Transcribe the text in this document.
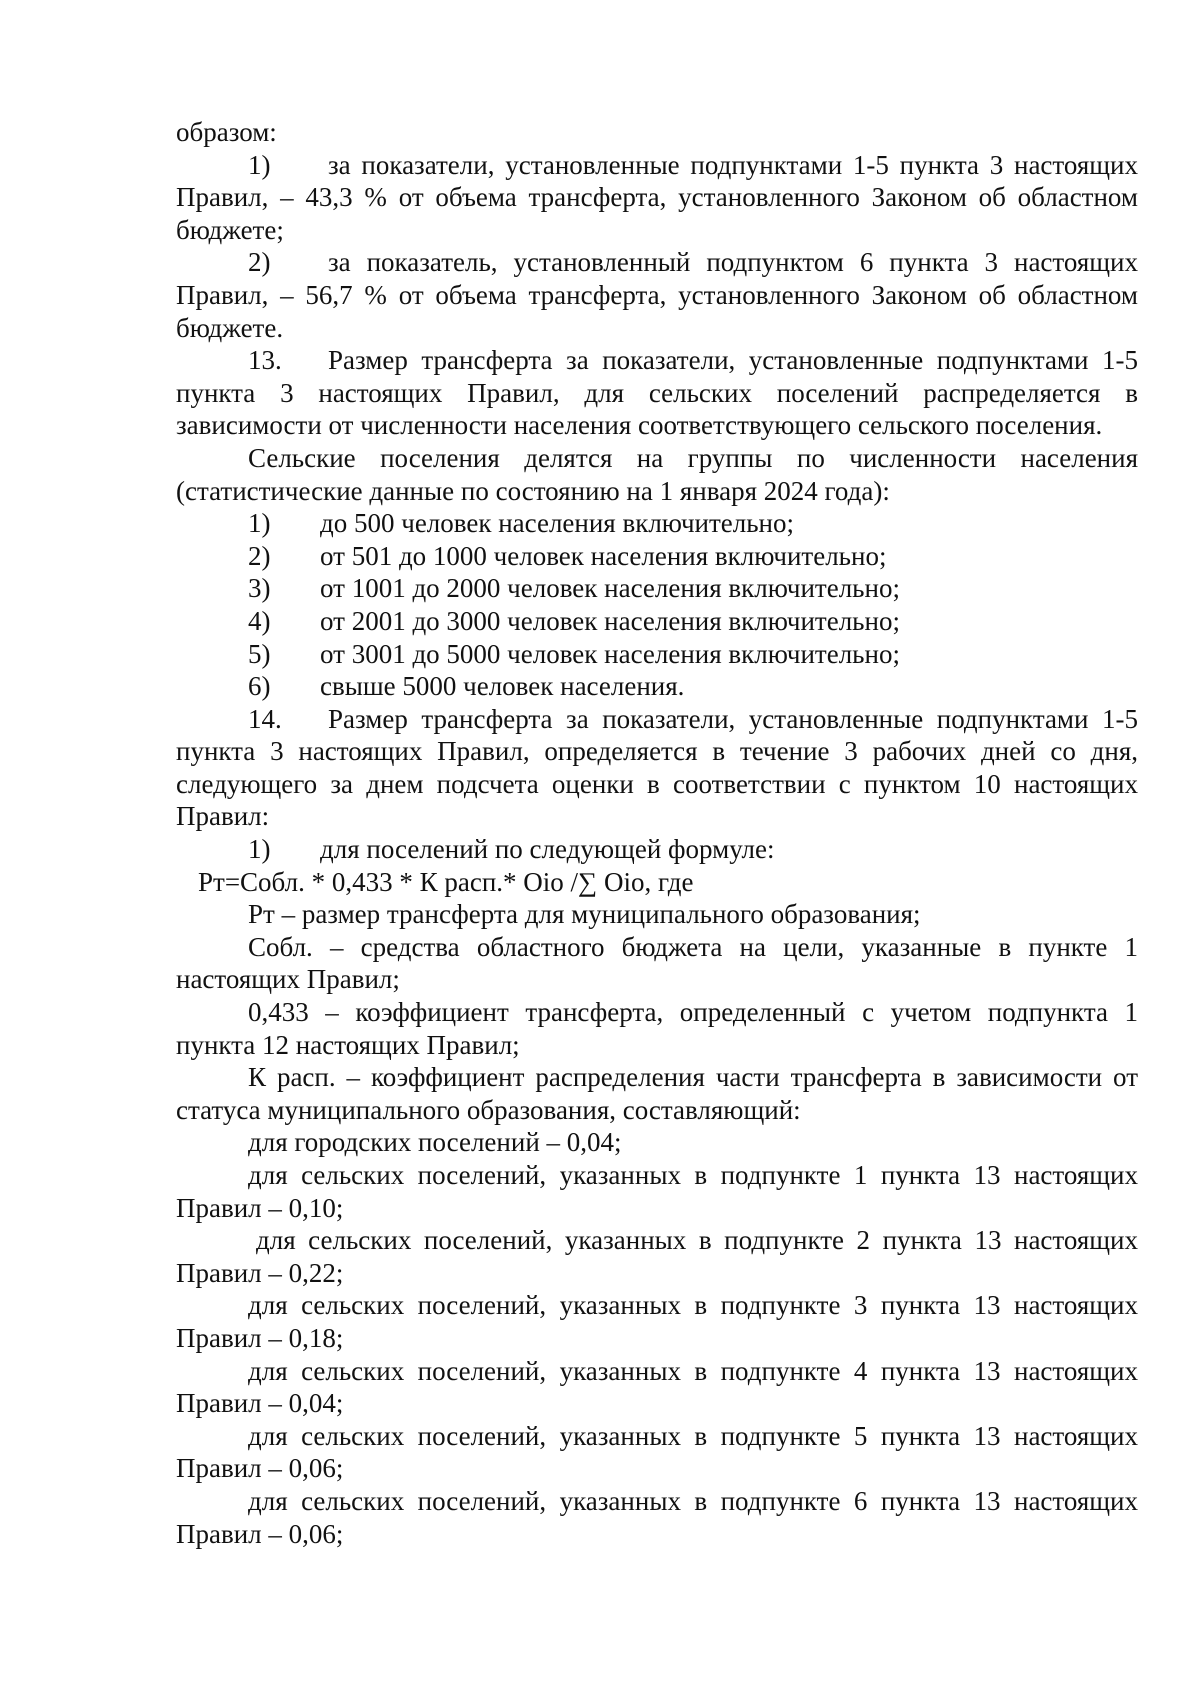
образом:

1) за показатели, установленные подпунктами 1-5 пункта 3 настоящих Правил, – 43,3 % от объема трансферта, установленного Законом об областном бюджете;

2) за показатель, установленный подпунктом 6 пункта 3 настоящих Правил, – 56,7 % от объема трансферта, установленного Законом об областном бюджете.

13. Размер трансферта за показатели, установленные подпунктами 1-5 пункта 3 настоящих Правил, для сельских поселений распределяется в зависимости от численности населения соответствующего сельского поселения.

Сельские поселения делятся на группы по численности населения (статистические данные по состоянию на 1 января 2024 года):

1)	до 500 человек населения включительно;
2)	от 501 до 1000 человек населения включительно;
3)	от 1001 до 2000 человек населения включительно;
4)	от 2001 до 3000 человек населения включительно;
5)	от 3001 до 5000 человек населения включительно;
6)	свыше 5000 человек населения.

14. Размер трансферта за показатели, установленные подпунктами 1-5 пункта 3 настоящих Правил, определяется в течение 3 рабочих дней со дня, следующего за днем подсчета оценки в соответствии с пунктом 10 настоящих Правил:

1)	для поселений по следующей формуле:

Рт=Собл. * 0,433 * К расп.* Оiо /∑ Оiо, где

Рт – размер трансферта для муниципального образования;

Собл. – средства областного бюджета на цели, указанные в пункте 1 настоящих Правил;

0,433 – коэффициент трансферта, определенный с учетом подпункта 1 пункта 12 настоящих Правил;

К расп. – коэффициент распределения части трансферта в зависимости от статуса муниципального образования, составляющий:

для городских поселений – 0,04;

для сельских поселений, указанных в подпункте 1 пункта 13 настоящих Правил – 0,10;

для сельских поселений, указанных в подпункте 2 пункта 13 настоящих Правил – 0,22;

для сельских поселений, указанных в подпункте 3 пункта 13 настоящих Правил – 0,18;

для сельских поселений, указанных в подпункте 4 пункта 13 настоящих Правил – 0,04;

для сельских поселений, указанных в подпункте 5 пункта 13 настоящих Правил – 0,06;

для сельских поселений, указанных в подпункте 6 пункта 13 настоящих Правил – 0,06;
